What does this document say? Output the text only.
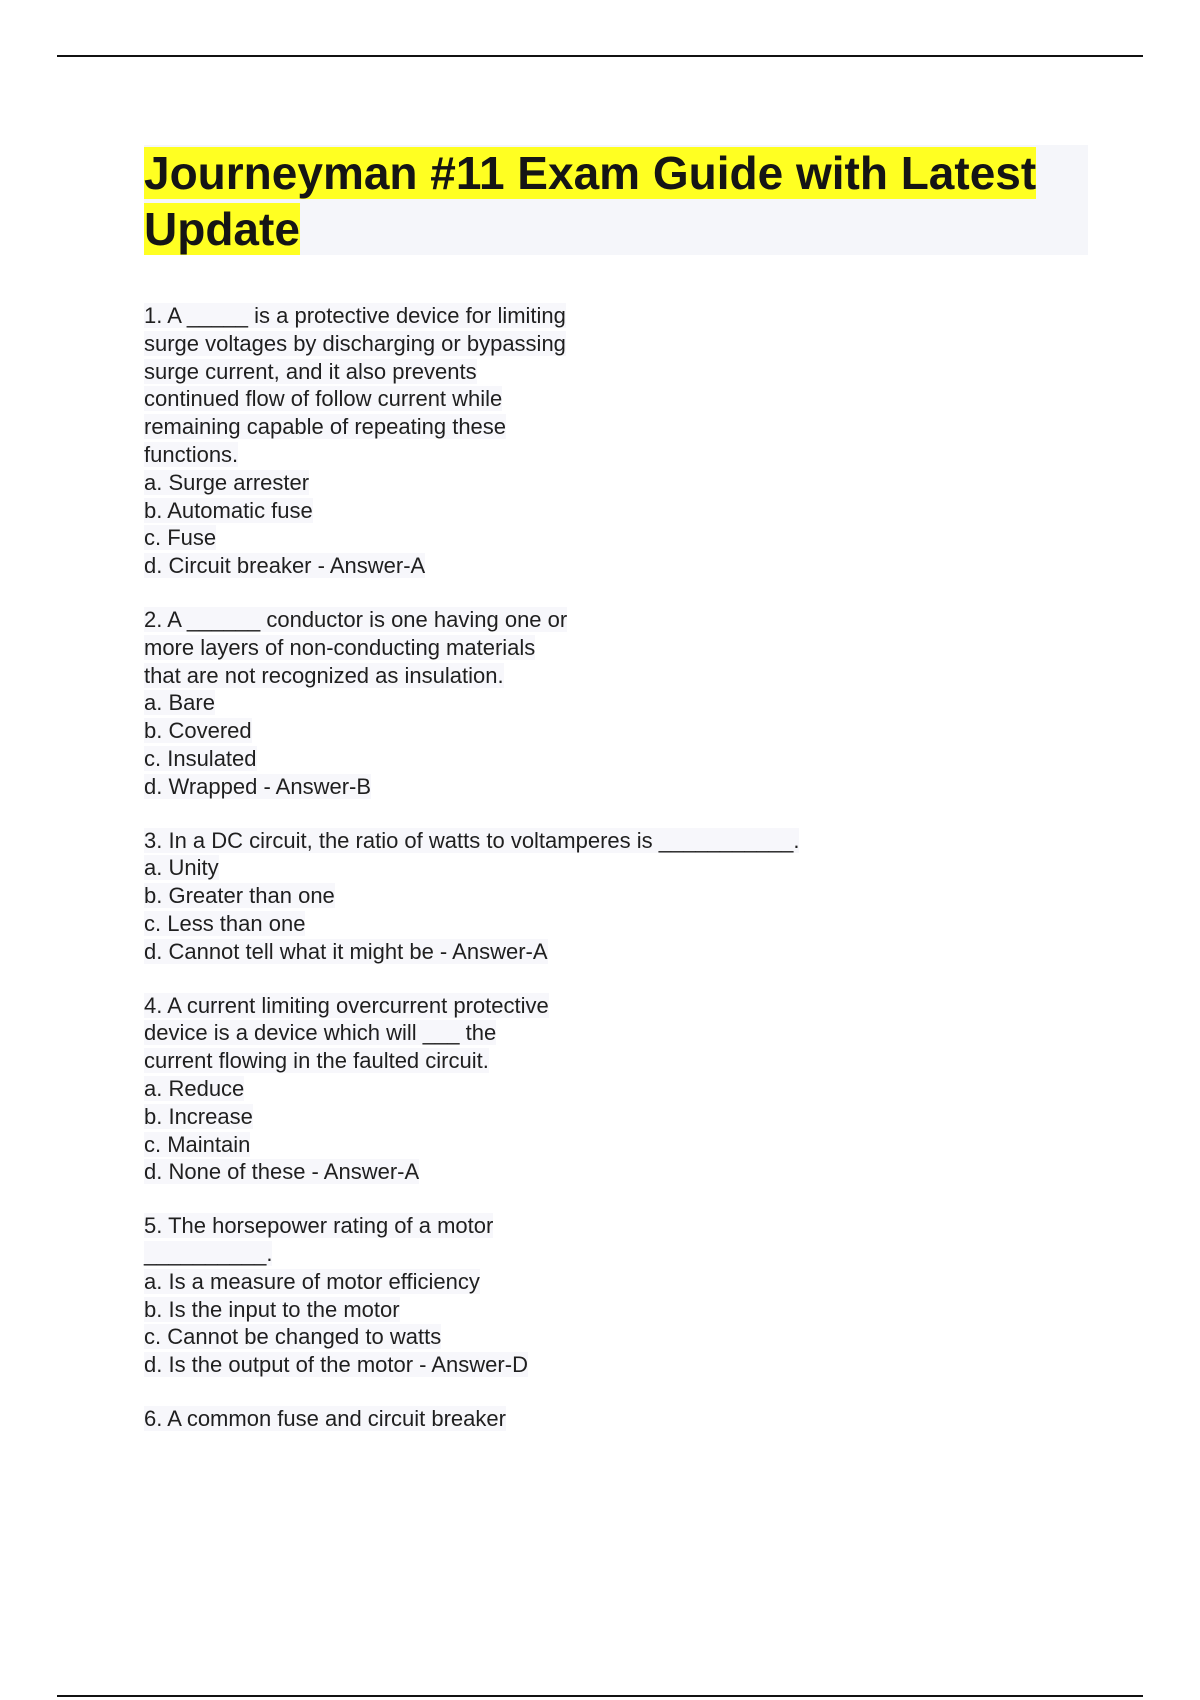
Journeyman #11 Exam Guide with Latest Update

1. A _____ is a protective device for limiting

surge voltages by discharging or bypassing

surge current, and it also prevents

continued flow of follow current while

remaining capable of repeating these

functions.

a. Surge arrester

b. Automatic fuse

c. Fuse

d. Circuit breaker - Answer-A

2. A ______ conductor is one having one or

more layers of non-conducting materials

that are not recognized as insulation.

a. Bare

b. Covered

c. Insulated

d. Wrapped - Answer-B

3. In a DC circuit, the ratio of watts to voltamperes is ___________.

a. Unity

b. Greater than one

c. Less than one

d. Cannot tell what it might be - Answer-A

4. A current limiting overcurrent protective

device is a device which will ___ the

current flowing in the faulted circuit.

a. Reduce

b. Increase

c. Maintain

d. None of these - Answer-A

5. The horsepower rating of a motor

__________.

a. Is a measure of motor efficiency

b. Is the input to the motor

c. Cannot be changed to watts

d. Is the output of the motor - Answer-D

6. A common fuse and circuit breaker
